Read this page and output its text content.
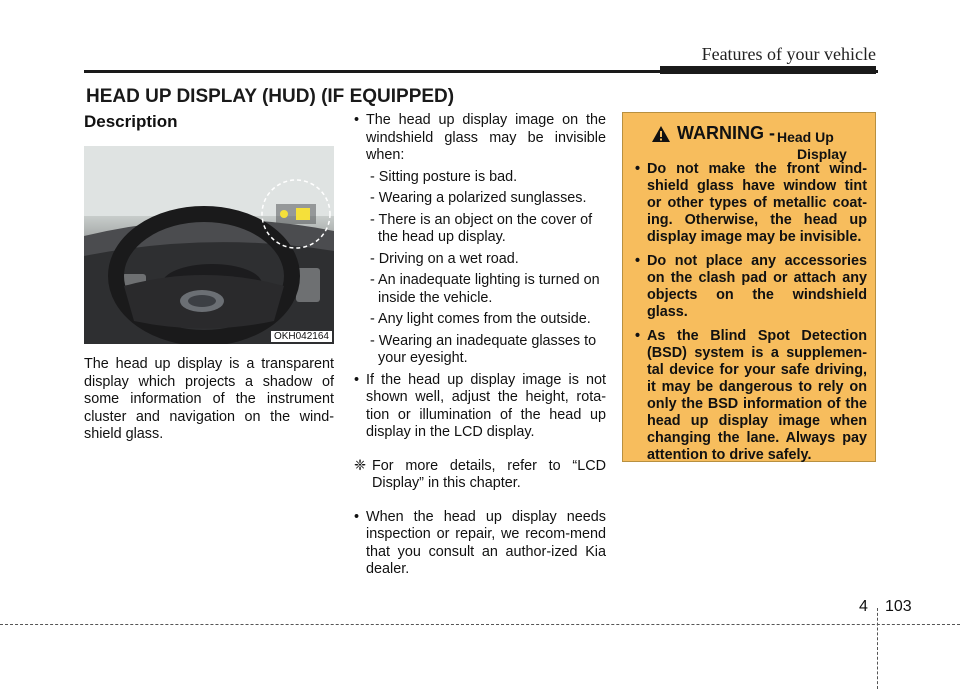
Features of your vehicle
HEAD UP DISPLAY (HUD) (IF EQUIPPED)
Description
OKH042164

The head up display is a transparent display which projects a shadow of some information of the instrument cluster and navigation on the wind-shield glass.

• The head up display image on the windshield glass may be invisible when:
- Sitting posture is bad.
- Wearing a polarized sunglasses.
- There is an object on the cover of the head up display.
- Driving on a wet road.
- An inadequate lighting is turned on inside the vehicle.
- Any light comes from the outside.
- Wearing an inadequate glasses to your eyesight.
• If the head up display image is not shown well, adjust the height, rota-tion or illumination of the head up display in the LCD display.
❈ For more details, refer to “LCD Display” in this chapter.
• When the head up display needs inspection or repair, we recom-mend that you consult an author-ized Kia dealer.
WARNING - Head Up
Display
• Do not make the front wind-shield glass have window tint or other types of metallic coat-ing. Otherwise, the head up display image may be invisible.
• Do not place any accessories on the clash pad or attach any objects on the windshield glass.
• As the Blind Spot Detection (BSD) system is a supplemen-tal device for your safe driving, it may be dangerous to rely on only the BSD information of the head up display image when changing the lane. Always pay attention to drive safely.
4 103
